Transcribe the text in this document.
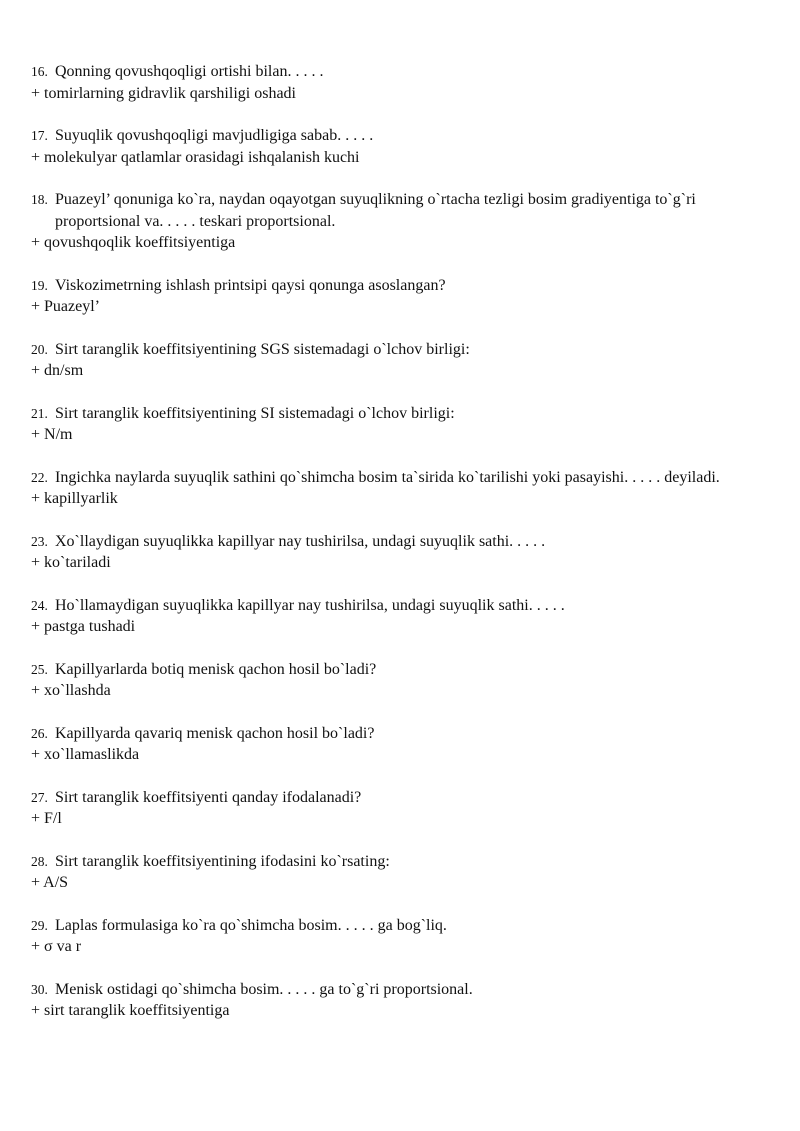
16. Qonning qovushqoqligi ortishi bilan. . . . .
+ tomirlarning gidravlik qarshiligi oshadi
17. Suyuqlik qovushqoqligi mavjudligiga sabab. . . . .
+ molekulyar qatlamlar orasidagi ishqalanish kuchi
18. Puazeyl’ qonuniga ko`ra, naydan oqayotgan suyuqlikning o`rtacha tezligi bosim gradiyentiga to`g`ri proportsional va. . . . . teskari proportsional.
+ qovushqoqlik koeffitsiyentiga
19. Viskozimetrning ishlash printsipi qaysi qonunga asoslangan?
+ Puazeyl’
20. Sirt taranglik koeffitsiyentining SGS sistemadagi o`lchov birligi:
+ dn/sm
21. Sirt taranglik koeffitsiyentining SI sistemadagi o`lchov birligi:
+ N/m
22. Ingichka naylarda suyuqlik sathini qo`shimcha bosim ta`sirida ko`tarilishi yoki pasayishi. . . . . deyiladi.
+ kapillyarlik
23. Xo`llaydigan suyuqlikka kapillyar nay tushirilsa, undagi suyuqlik sathi. . . . .
+ ko`tariladi
24. Ho`llamaydigan suyuqlikka kapillyar nay tushirilsa, undagi suyuqlik sathi. . . . .
+ pastga tushadi
25. Kapillyarlarda botiq menisk qachon hosil bo`ladi?
+ xo`llashda
26. Kapillyarda qavariq menisk qachon hosil bo`ladi?
+ xo`llamaslikda
27. Sirt taranglik koeffitsiyenti qanday ifodalanadi?
+ F/l
28. Sirt taranglik koeffitsiyentining ifodasini ko`rsating:
+ A/S
29. Laplas formulasiga ko`ra qo`shimcha bosim. . . . . ga bog`liq.
+ σ va r
30. Menisk ostidagi qo`shimcha bosim. . . . . ga to`g`ri proportsional.
+ sirt taranglik koeffitsiyentiga
